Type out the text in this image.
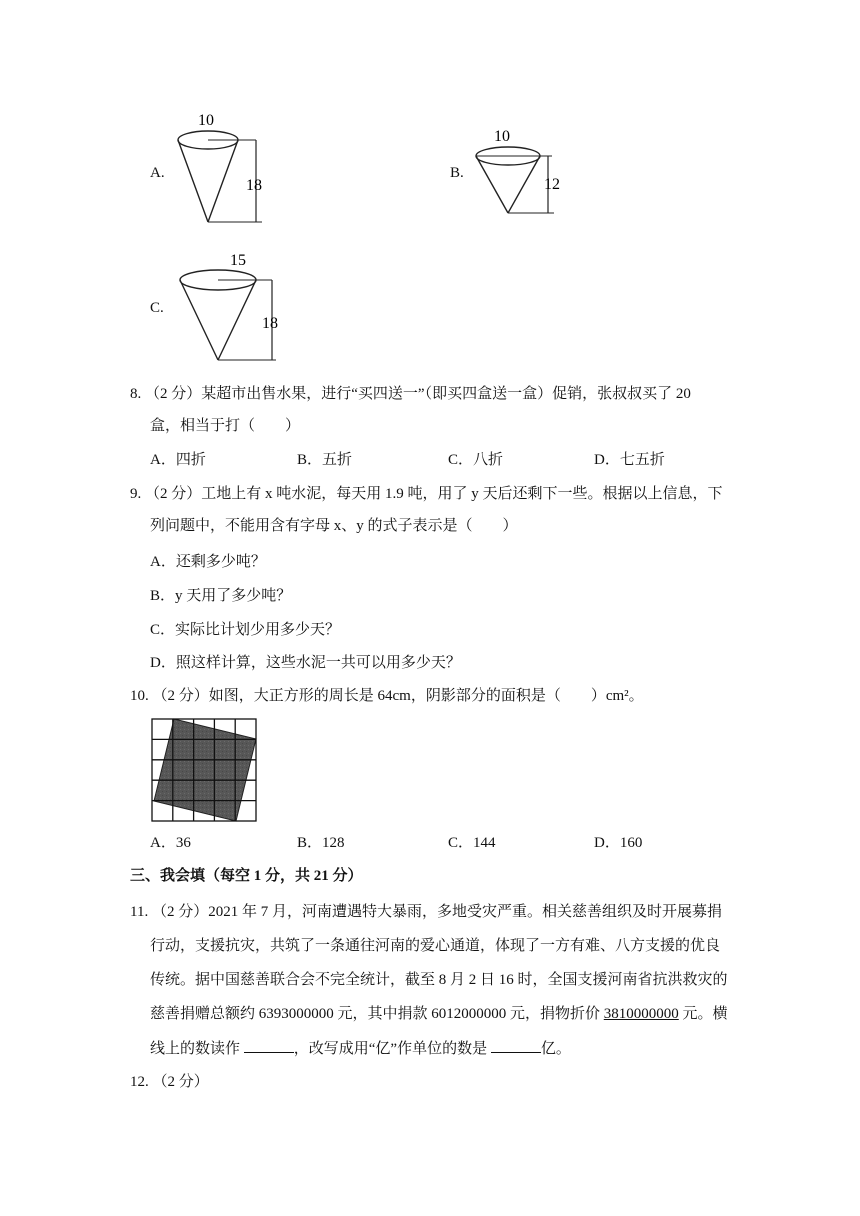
A.
10
18
B.
10
12
C.
15
18
8. （2 分）某超市出售水果，进行“买四送一”（即买四盒送一盒）促销，张叔叔买了 20
盒，相当于打（　　）
A．四折	B．五折	C．八折	D．七五折
9. （2 分）工地上有 x 吨水泥，每天用 1.9 吨，用了 y 天后还剩下一些。根据以上信息，下
列问题中，不能用含有字母 x、y 的式子表示是（　　）
A．还剩多少吨？
B．y 天用了多少吨？
C．实际比计划少用多少天？
D．照这样计算，这些水泥一共可以用多少天？
10. （2 分）如图，大正方形的周长是 64cm，阴影部分的面积是（　　）cm²。
A．36	B．128	C．144	D．160
三、我会填（每空 1 分，共 21 分）
11. （2 分）2021 年 7 月，河南遭遇特大暴雨，多地受灾严重。相关慈善组织及时开展募捐
行动，支援抗灾，共筑了一条通往河南的爱心通道，体现了一方有难、八方支援的优良
传统。据中国慈善联合会不完全统计，截至 8 月 2 日 16 时，全国支援河南省抗洪救灾的
慈善捐赠总额约 6393000000 元，其中捐款 6012000000 元，捐物折价 3810000000 元。横
线上的数读作	，改写成用“亿”作单位的数是	亿。
12. （2 分）
